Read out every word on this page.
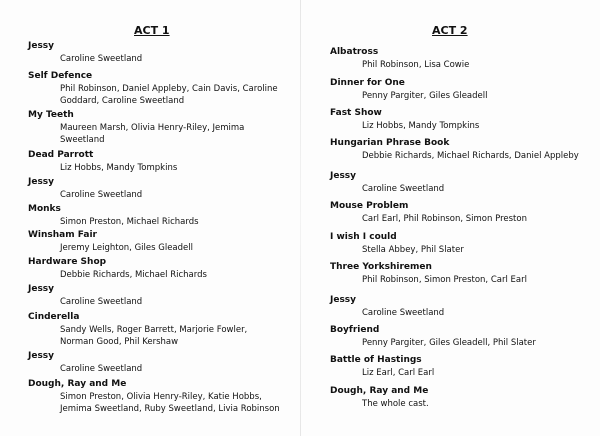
ACT 1
Jessy
Caroline Sweetland
Self Defence
Phil Robinson, Daniel Appleby, Cain Davis, Caroline
Goddard, Caroline Sweetland
My Teeth
Maureen Marsh, Olivia Henry-Riley, Jemima
Sweetland
Dead Parrott
Liz Hobbs, Mandy Tompkins
Jessy
Caroline Sweetland
Monks
Simon Preston, Michael Richards
Winsham Fair
Jeremy Leighton, Giles Gleadell
Hardware Shop
Debbie Richards, Michael Richards
Jessy
Caroline Sweetland
Cinderella
Sandy Wells, Roger Barrett, Marjorie Fowler,
Norman Good, Phil Kershaw
Jessy
Caroline Sweetland
Dough, Ray and Me
Simon Preston, Olivia Henry-Riley, Katie Hobbs,
Jemima Sweetland, Ruby Sweetland, Livia Robinson
ACT 2
Albatross
Phil Robinson, Lisa Cowie
Dinner for One
Penny Pargiter, Giles Gleadell
Fast Show
Liz Hobbs, Mandy Tompkins
Hungarian Phrase Book
Debbie Richards, Michael Richards, Daniel Appleby
Jessy
Caroline Sweetland
Mouse Problem
Carl Earl, Phil Robinson, Simon Preston
I wish I could
Stella Abbey, Phil Slater
Three Yorkshiremen
Phil Robinson, Simon Preston, Carl Earl
Jessy
Caroline Sweetland
Boyfriend
Penny Pargiter, Giles Gleadell, Phil Slater
Battle of Hastings
Liz Earl, Carl Earl
Dough, Ray and Me
The whole cast.
